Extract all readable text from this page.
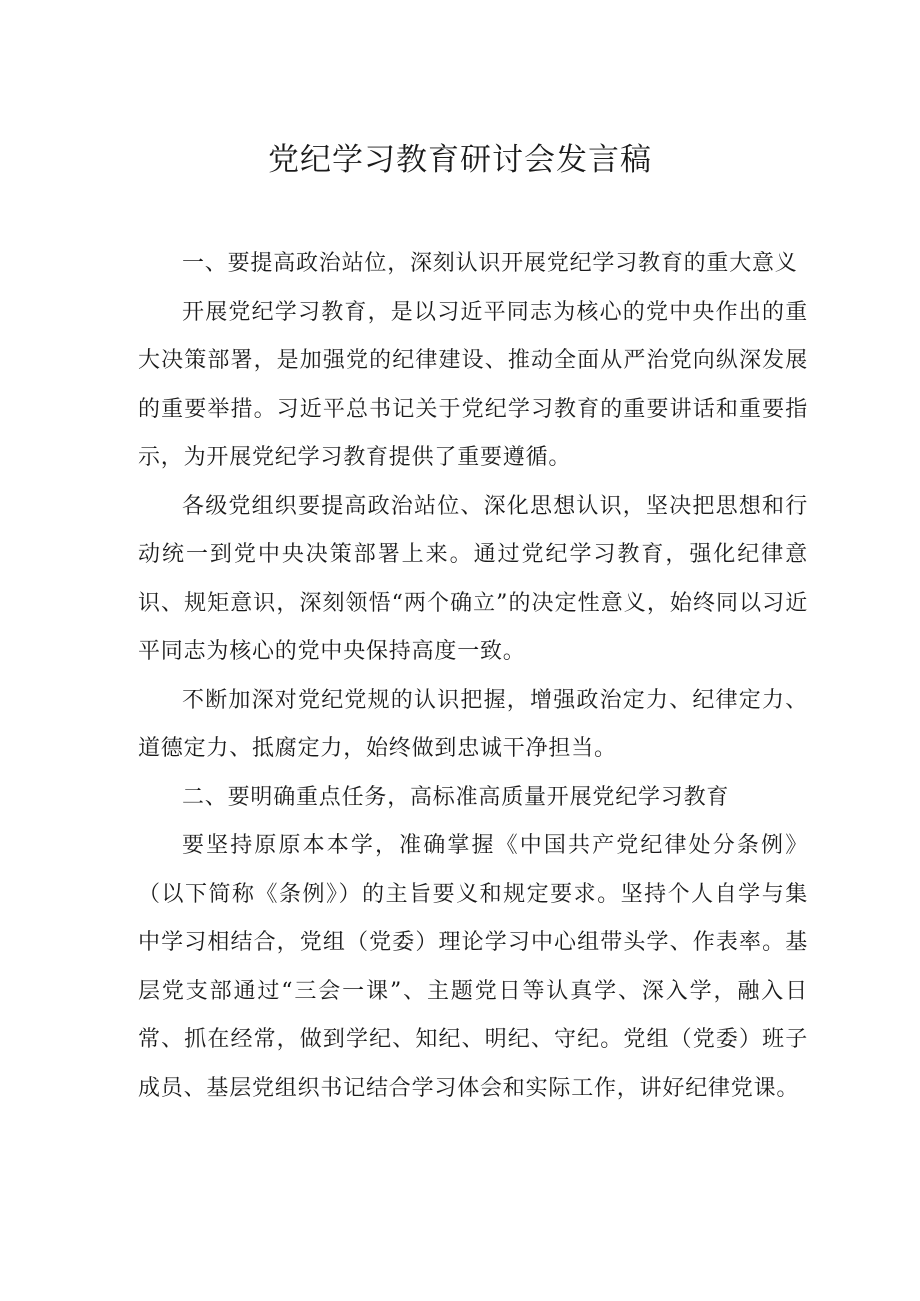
党纪学习教育研讨会发言稿

一、要提高政治站位，深刻认识开展党纪学习教育的重大意义

开展党纪学习教育，是以习近平同志为核心的党中央作出的重大决策部署，是加强党的纪律建设、推动全面从严治党向纵深发展的重要举措。习近平总书记关于党纪学习教育的重要讲话和重要指示，为开展党纪学习教育提供了重要遵循。

各级党组织要提高政治站位、深化思想认识，坚决把思想和行动统一到党中央决策部署上来。通过党纪学习教育，强化纪律意识、规矩意识，深刻领悟“两个确立”的决定性意义，始终同以习近平同志为核心的党中央保持高度一致。

不断加深对党纪党规的认识把握，增强政治定力、纪律定力、道德定力、抵腐定力，始终做到忠诚干净担当。

二、要明确重点任务，高标准高质量开展党纪学习教育

要坚持原原本本学，准确掌握《中国共产党纪律处分条例》（以下简称《条例》）的主旨要义和规定要求。坚持个人自学与集中学习相结合，党组（党委）理论学习中心组带头学、作表率。基层党支部通过“三会一课”、主题党日等认真学、深入学，融入日常、抓在经常，做到学纪、知纪、明纪、守纪。党组（党委）班子成员、基层党组织书记结合学习体会和实际工作，讲好纪律党课。
